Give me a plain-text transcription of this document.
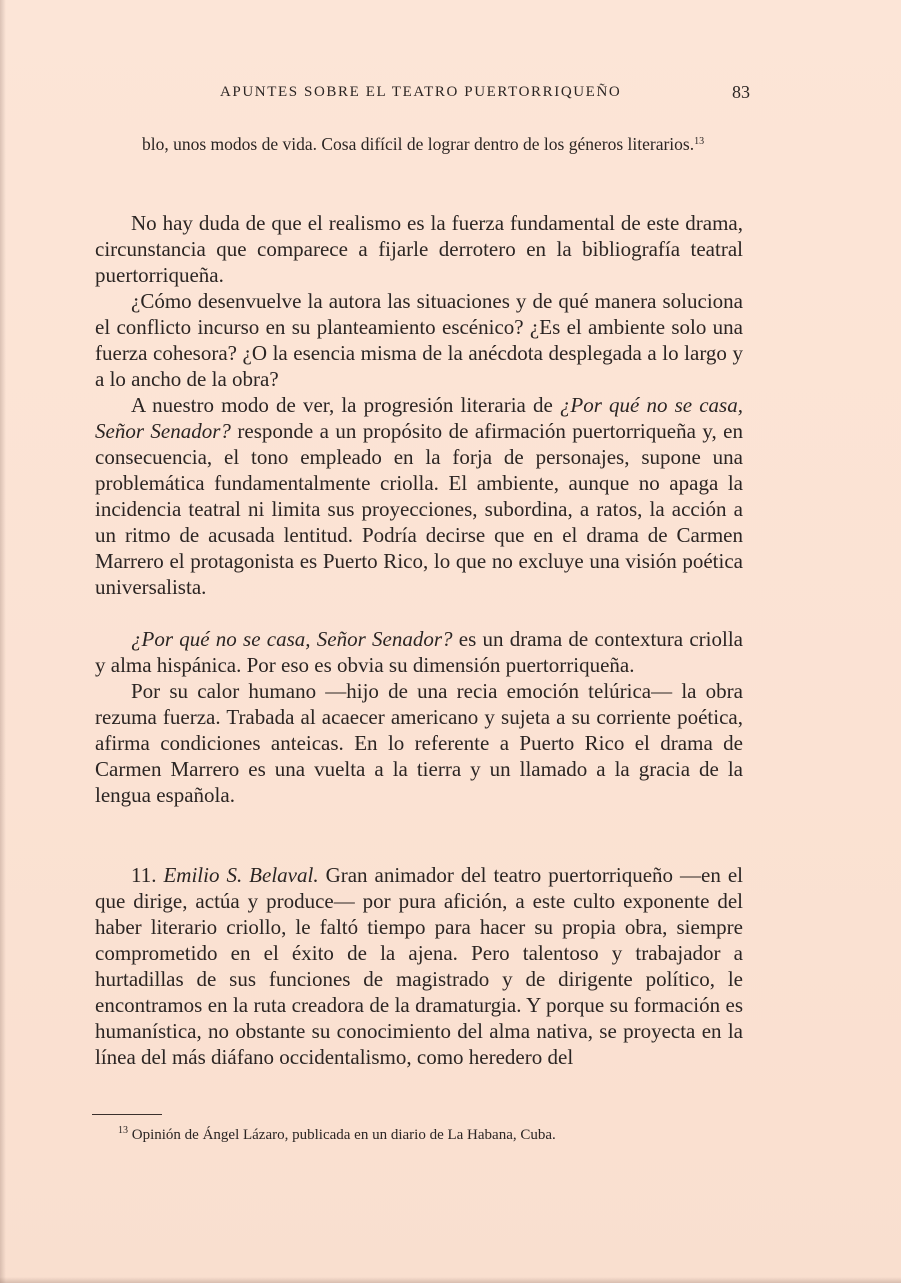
APUNTES SOBRE EL TEATRO PUERTORRIQUEÑO	83

blo, unos modos de vida. Cosa difícil de lograr dentro de los géneros literarios.$^{13}$

No hay duda de que el realismo es la fuerza fundamental de este drama, circunstancia que comparece a fijarle derrotero en la bibliografía teatral puertorriqueña.

¿Cómo desenvuelve la autora las situaciones y de qué manera soluciona el conflicto incurso en su planteamiento escénico? ¿Es el ambiente solo una fuerza cohesora? ¿O la esencia misma de la anécdota desplegada a lo largo y a lo ancho de la obra?

A nuestro modo de ver, la progresión literaria de ¿Por qué no se casa, Señor Senador? responde a un propósito de afirmación puertorriqueña y, en consecuencia, el tono empleado en la forja de personajes, supone una problemática fundamentalmente criolla. El ambiente, aunque no apaga la incidencia teatral ni limita sus proyecciones, subordina, a ratos, la acción a un ritmo de acusada lentitud. Podría decirse que en el drama de Carmen Marrero el protagonista es Puerto Rico, lo que no excluye una visión poética universalista.

¿Por qué no se casa, Señor Senador? es un drama de contextura criolla y alma hispánica. Por eso es obvia su dimensión puertorriqueña.

Por su calor humano —hijo de una recia emoción telúrica— la obra rezuma fuerza. Trabada al acaecer americano y sujeta a su corriente poética, afirma condiciones anteicas. En lo referente a Puerto Rico el drama de Carmen Marrero es una vuelta a la tierra y un llamado a la gracia de la lengua española.

11. Emilio S. Belaval. Gran animador del teatro puertorriqueño —en el que dirige, actúa y produce— por pura afición, a este culto exponente del haber literario criollo, le faltó tiempo para hacer su propia obra, siempre comprometido en el éxito de la ajena. Pero talentoso y trabajador a hurtadillas de sus funciones de magistrado y de dirigente político, le encontramos en la ruta creadora de la dramaturgia. Y porque su formación es humanística, no obstante su conocimiento del alma nativa, se proyecta en la línea del más diáfano occidentalismo, como heredero del

$^{13}$ Opinión de Ángel Lázaro, publicada en un diario de La Habana, Cuba.
